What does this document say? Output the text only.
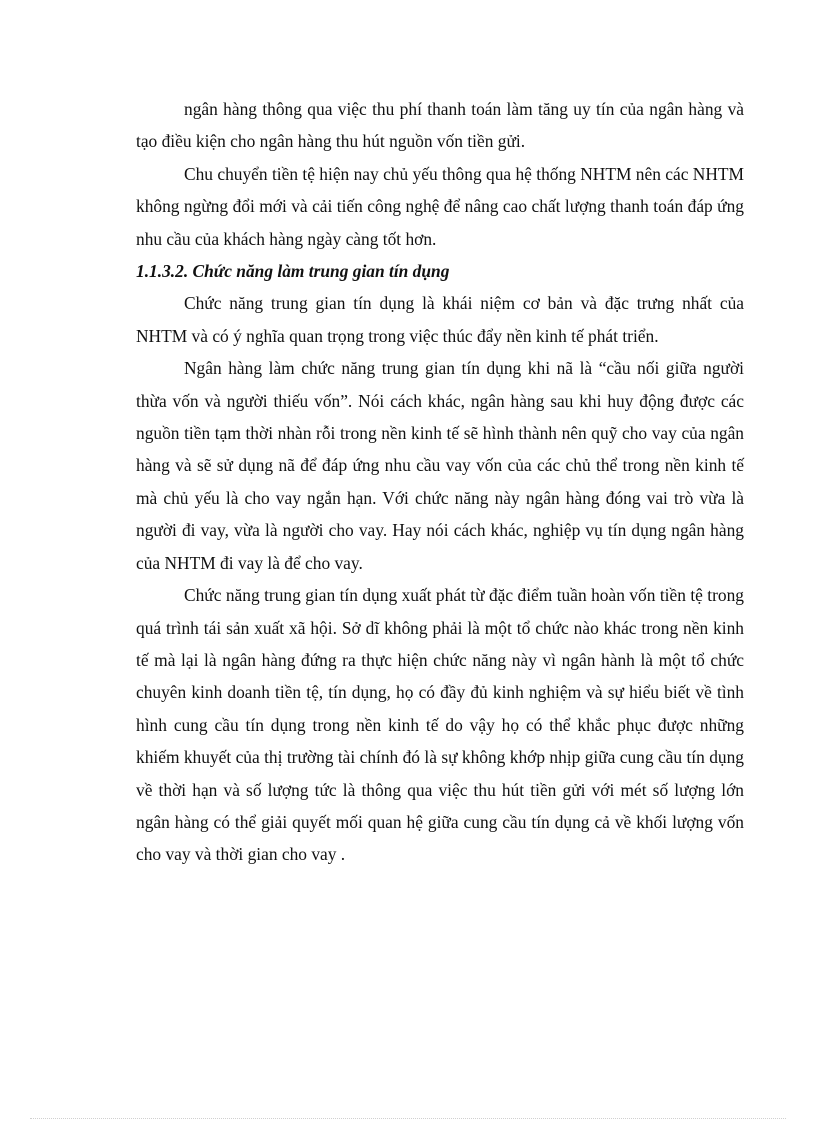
ngân hàng thông qua việc thu phí thanh toán làm tăng uy tín của ngân hàng và tạo điều kiện cho ngân hàng thu hút nguồn vốn tiền gửi.

Chu chuyển tiền tệ hiện nay chủ yếu thông qua hệ thống NHTM nên các NHTM không ngừng đổi mới và cải tiến công nghệ để nâng cao chất lượng thanh toán đáp ứng nhu cầu của khách hàng ngày càng tốt hơn.

1.1.3.2. Chức năng làm trung gian tín dụng

Chức năng trung gian tín dụng là khái niệm cơ bản và đặc trưng nhất của NHTM và có ý nghĩa quan trọng trong việc thúc đẩy nền kinh tế phát triển.

Ngân hàng làm chức năng trung gian tín dụng khi nã là “cầu nối giữa người thừa vốn và người thiếu vốn”. Nói cách khác, ngân hàng sau khi huy động được các nguồn tiền tạm thời nhàn rỗi trong nền kinh tế sẽ hình thành nên quỹ cho vay của ngân hàng và sẽ sử dụng nã để đáp ứng nhu cầu vay vốn của các chủ thể trong nền kinh tế mà chủ yếu là cho vay ngắn hạn. Với chức năng này ngân hàng đóng vai trò vừa là người đi vay, vừa là người cho vay. Hay nói cách khác, nghiệp vụ tín dụng ngân hàng của NHTM đi vay là để cho vay.

Chức năng trung gian tín dụng xuất phát từ đặc điểm tuần hoàn vốn tiền tệ trong quá trình tái sản xuất xã hội. Sở dĩ không phải là một tổ chức nào khác trong nền kinh tế mà lại là ngân hàng đứng ra thực hiện chức năng này vì ngân hành là một tổ chức chuyên kinh doanh tiền tệ, tín dụng, họ có đầy đủ kinh nghiệm và sự hiểu biết về tình hình cung cầu tín dụng trong nền kinh tế do vậy họ có thể khắc phục được những khiếm khuyết của thị trường tài chính đó là sự không khớp nhịp giữa cung cầu tín dụng về thời hạn và số lượng tức là thông qua việc thu hút tiền gửi với mét số lượng lớn ngân hàng có thể giải quyết mối quan hệ giữa cung cầu tín dụng cả về khối lượng vốn cho vay và thời gian cho vay .
